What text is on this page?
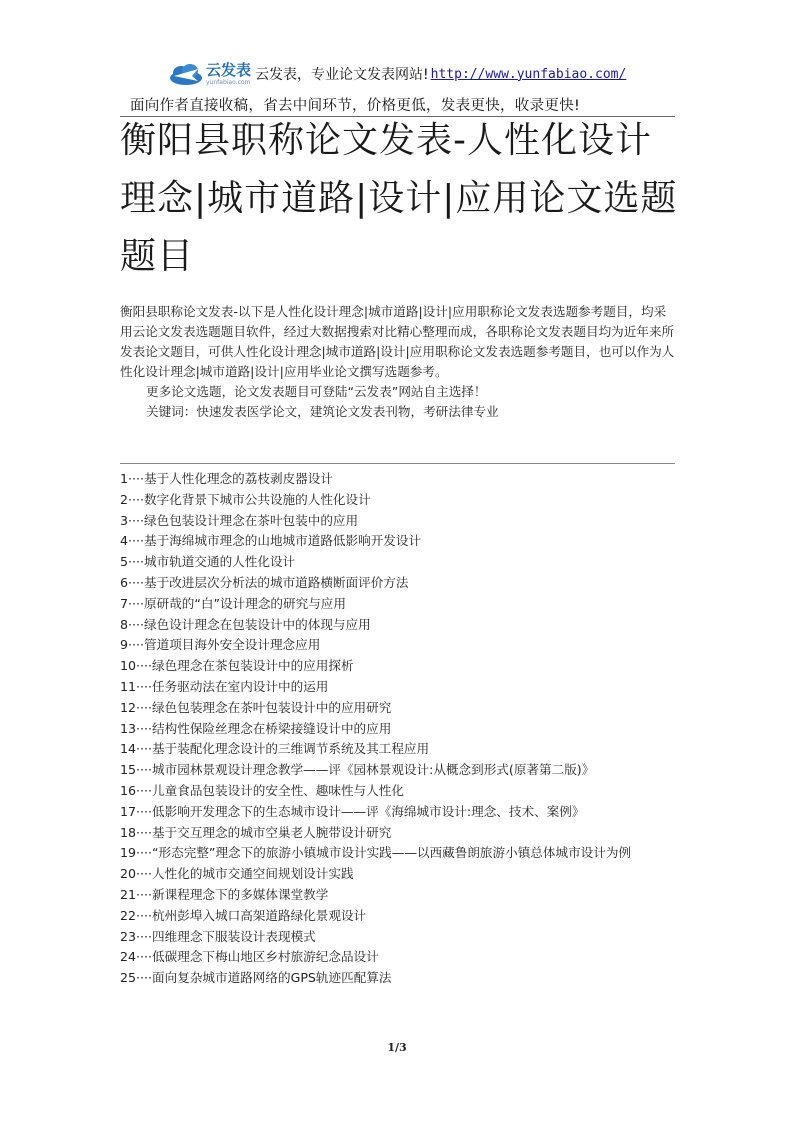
云发表
yunfabiao.com 云发表，专业论文发表网站! http://www.yunfabiao.com/
面向作者直接收稿，省去中间环节，价格更低，发表更快，收录更快!
衡阳县职称论文发表-人性化设计理念|城市道路|设计|应用论文选题题目

衡阳县职称论文发表-以下是人性化设计理念|城市道路|设计|应用职称论文发表选题参考题目，均采用云论文发表选题题目软件，经过大数据搜索对比精心整理而成，各职称论文发表题目均为近年来所发表论文题目，可供人性化设计理念|城市道路|设计|应用职称论文发表选题参考题目，也可以作为人性化设计理念|城市道路|设计|应用毕业论文撰写选题参考。

更多论文选题，论文发表题目可登陆“云发表”网站自主选择！

关键词：快速发表医学论文，建筑论文发表刊物，考研法律专业

1····基于人性化理念的荔枝剥皮器设计

2····数字化背景下城市公共设施的人性化设计

3····绿色包装设计理念在茶叶包装中的应用

4····基于海绵城市理念的山地城市道路低影响开发设计

5····城市轨道交通的人性化设计

6····基于改进层次分析法的城市道路横断面评价方法

7····原研哉的“白”设计理念的研究与应用

8····绿色设计理念在包装设计中的体现与应用

9····管道项目海外安全设计理念应用

10····绿色理念在茶包装设计中的应用探析

11····任务驱动法在室内设计中的运用

12····绿色包装理念在茶叶包装设计中的应用研究

13····结构性保险丝理念在桥梁接缝设计中的应用

14····基于装配化理念设计的三维调节系统及其工程应用

15····城市园林景观设计理念教学——评《园林景观设计:从概念到形式(原著第二版)》

16····儿童食品包装设计的安全性、趣味性与人性化

17····低影响开发理念下的生态城市设计——评《海绵城市设计:理念、技术、案例》

18····基于交互理念的城市空巢老人腕带设计研究

19····“形态完整”理念下的旅游小镇城市设计实践——以西藏鲁朗旅游小镇总体城市设计为例

20····人性化的城市交通空间规划设计实践

21····新课程理念下的多媒体课堂教学

22····杭州彭埠入城口高架道路绿化景观设计

23····四维理念下服装设计表现模式

24····低碳理念下梅山地区乡村旅游纪念品设计

25····面向复杂城市道路网络的GPS轨迹匹配算法

1/3
